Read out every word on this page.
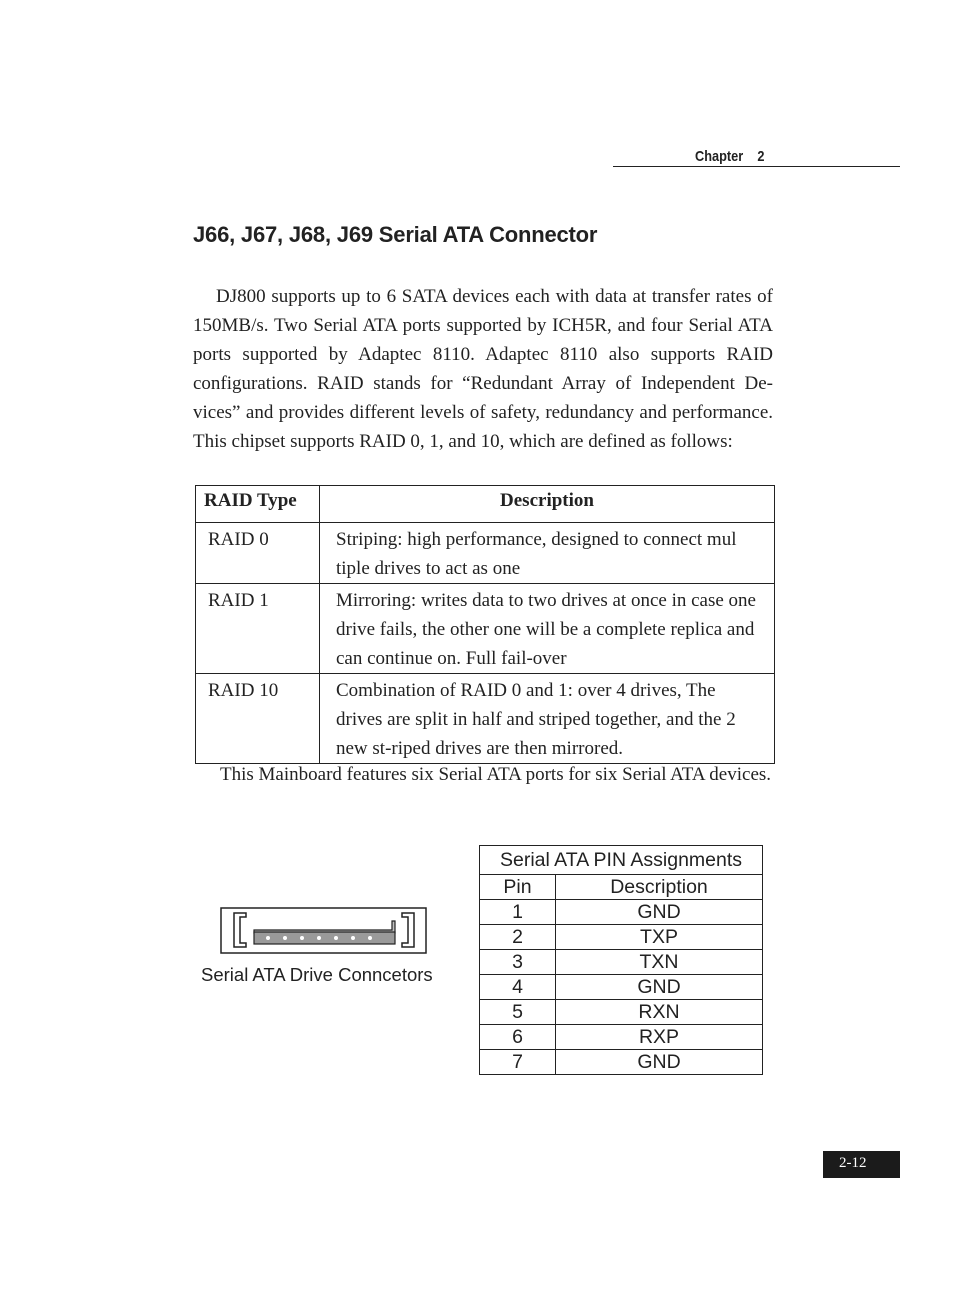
Chapter    2
J66, J67, J68, J69 Serial ATA Connector

DJ800 supports up to 6 SATA devices each with data at transfer rates of 150MB/s. Two Serial ATA ports supported by ICH5R, and four Serial ATA ports supported by Adaptec 8110. Adaptec 8110 also supports RAID configurations. RAID stands for “Redundant Array of Independent De-vices” and provides different levels of safety, redundancy and performance. This chipset supports RAID 0, 1, and 10, which are defined as follows:

RAID Type	Description
RAID 0	Striping: high performance, designed to connect mul tiple drives to act as one
RAID 1	Mirroring: writes data to two drives at once in case one drive fails, the other one will be a complete replica and can continue on. Full fail-over
RAID 10	Combination of RAID 0 and 1: over 4 drives, The drives are split in half and striped together, and the 2 new st-riped drives are then mirrored.

This Mainboard features six Serial ATA ports for six Serial ATA devices.

Serial ATA Drive Conncetors
Serial ATA PIN Assignments	
Pin	Description
1	GND
2	TXP
3	TXN
4	GND
5	RXN
6	RXP
7	GND
2-12
